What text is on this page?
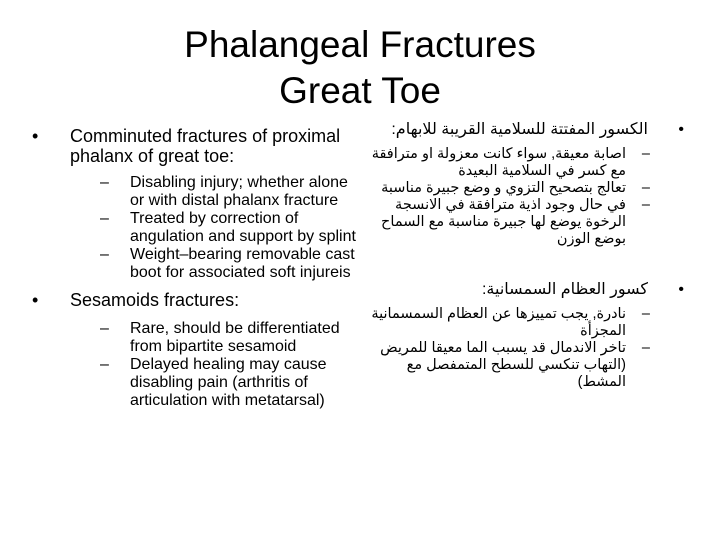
Phalangeal Fractures
Great Toe
• Comminuted fractures of proximal phalanx of great toe:
– Disabling injury; whether alone or with distal phalanx fracture
– Treated by correction of angulation and support by splint
– Weight–bearing removable cast boot for associated soft injureis
• Sesamoids fractures:
– Rare, should be differentiated from bipartite sesamoid
– Delayed healing may cause disabling pain (arthritis of articulation with metatarsal)
•
الكسور المفتتة للسلامية القريبة للابهام:
–
اصابة معيقة, سواء كانت معزولة او مترافقة مع كسر في السلامية البعيدة
–
تعالج بتصحيح التزوي و وضع جبيرة مناسبة
–
في حال وجود اذية مترافقة في الانسجة الرخوة يوضع لها جبيرة مناسبة مع السماح بوضع الوزن
•
كسور العظام السمسانية:
–
نادرة, يجب تمييزها عن العظام السمسمانية المجزأة
–
تاخر الاندمال قد يسبب الما معيقا للمريض (التهاب تنكسي للسطح المتمفصل مع المشط)
